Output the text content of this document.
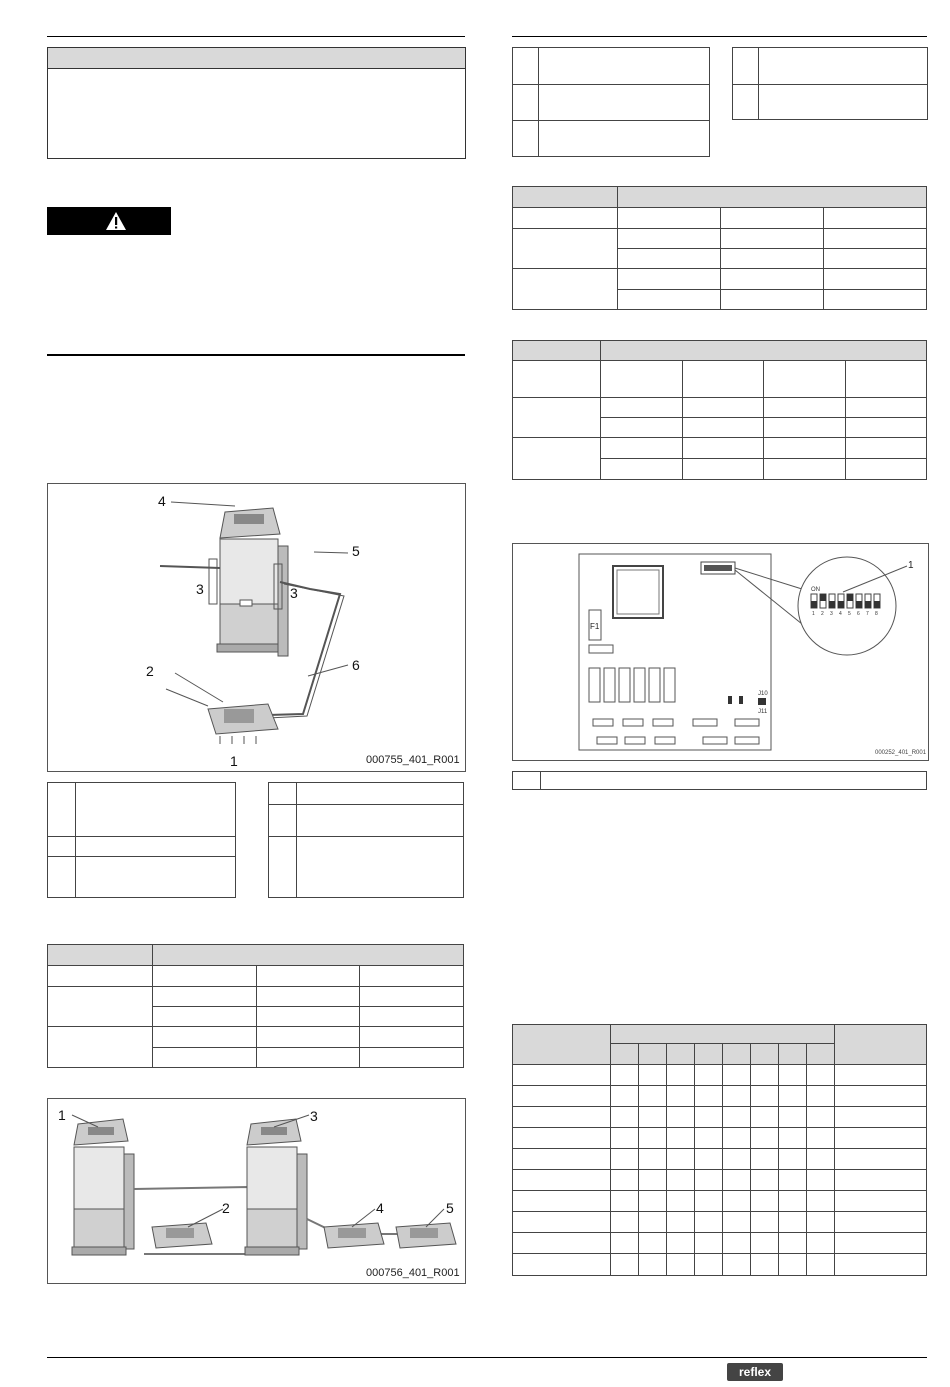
4
5
3	3
6
2
1	000755_401_R001

1
2
3
4	5
000756_401_R001

F1
J10
J11
ON
1 2 3 4 5 6 7 8
1
000252_401_R001

reflex
